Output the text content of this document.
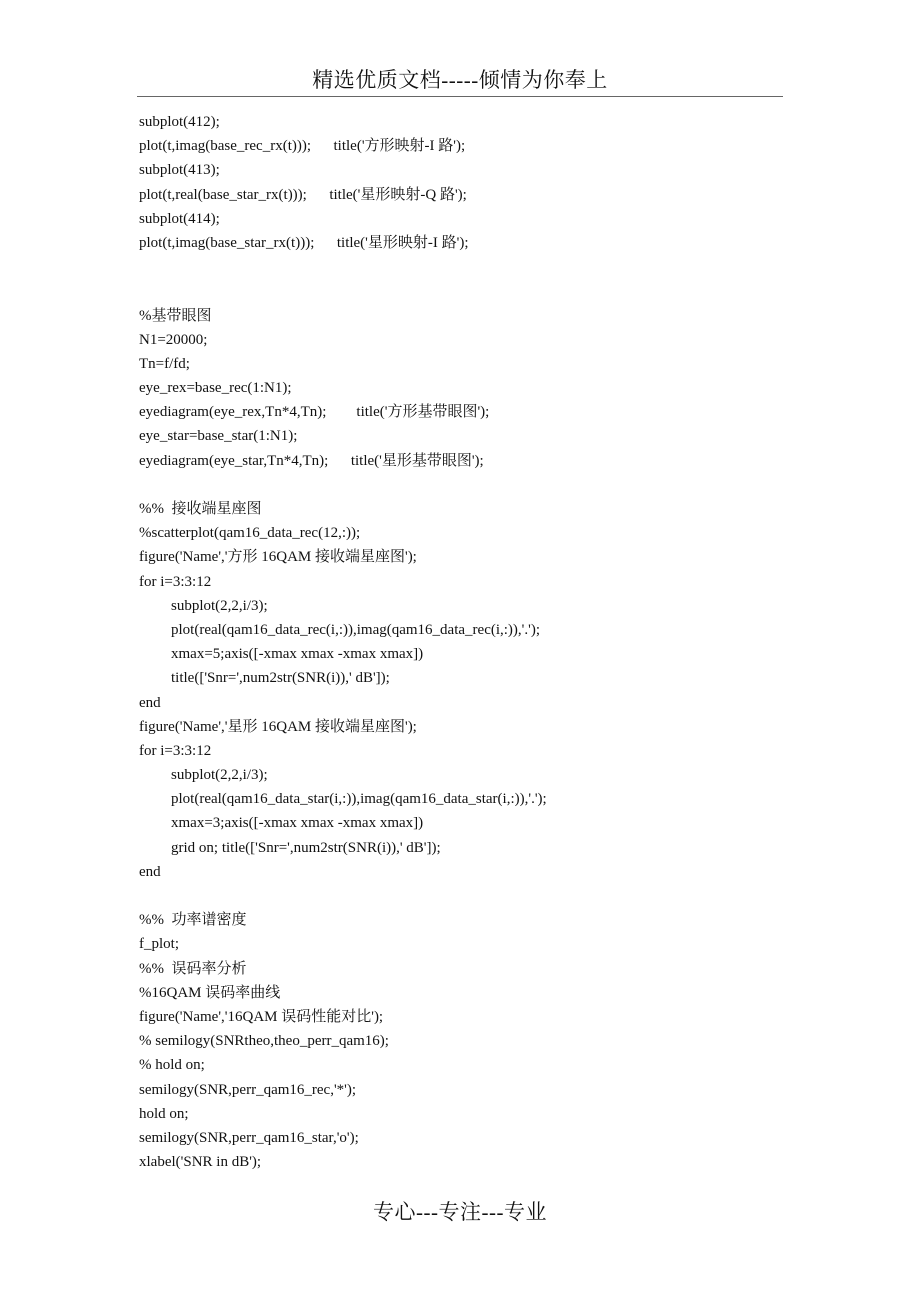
精选优质文档-----倾情为你奉上
subplot(412);
plot(t,imag(base_rec_rx(t)));      title('方形映射-I 路');
subplot(413);
plot(t,real(base_star_rx(t)));      title('星形映射-Q 路');
subplot(414);
plot(t,imag(base_star_rx(t)));      title('星形映射-I 路');
%基带眼图
N1=20000;
Tn=f/fd;
eye_rex=base_rec(1:N1);
eyediagram(eye_rex,Tn*4,Tn);        title('方形基带眼图');
eye_star=base_star(1:N1);
eyediagram(eye_star,Tn*4,Tn);      title('星形基带眼图');
%%  接收端星座图
%scatterplot(qam16_data_rec(12,:));
figure('Name','方形 16QAM 接收端星座图');
for i=3:3:12
subplot(2,2,i/3);
plot(real(qam16_data_rec(i,:)),imag(qam16_data_rec(i,:)),'.');
xmax=5;axis([-xmax xmax -xmax xmax])
title(['Snr=',num2str(SNR(i)),' dB']);
end
figure('Name','星形 16QAM 接收端星座图');
for i=3:3:12
subplot(2,2,i/3);
plot(real(qam16_data_star(i,:)),imag(qam16_data_star(i,:)),'.');
xmax=3;axis([-xmax xmax -xmax xmax])
grid on; title(['Snr=',num2str(SNR(i)),' dB']);
end
%%  功率谱密度
f_plot;
%%  误码率分析
%16QAM 误码率曲线
figure('Name','16QAM 误码性能对比');
% semilogy(SNRtheo,theo_perr_qam16);
% hold on;
semilogy(SNR,perr_qam16_rec,'*');
hold on;
semilogy(SNR,perr_qam16_star,'o');
xlabel('SNR in dB');
专心---专注---专业
